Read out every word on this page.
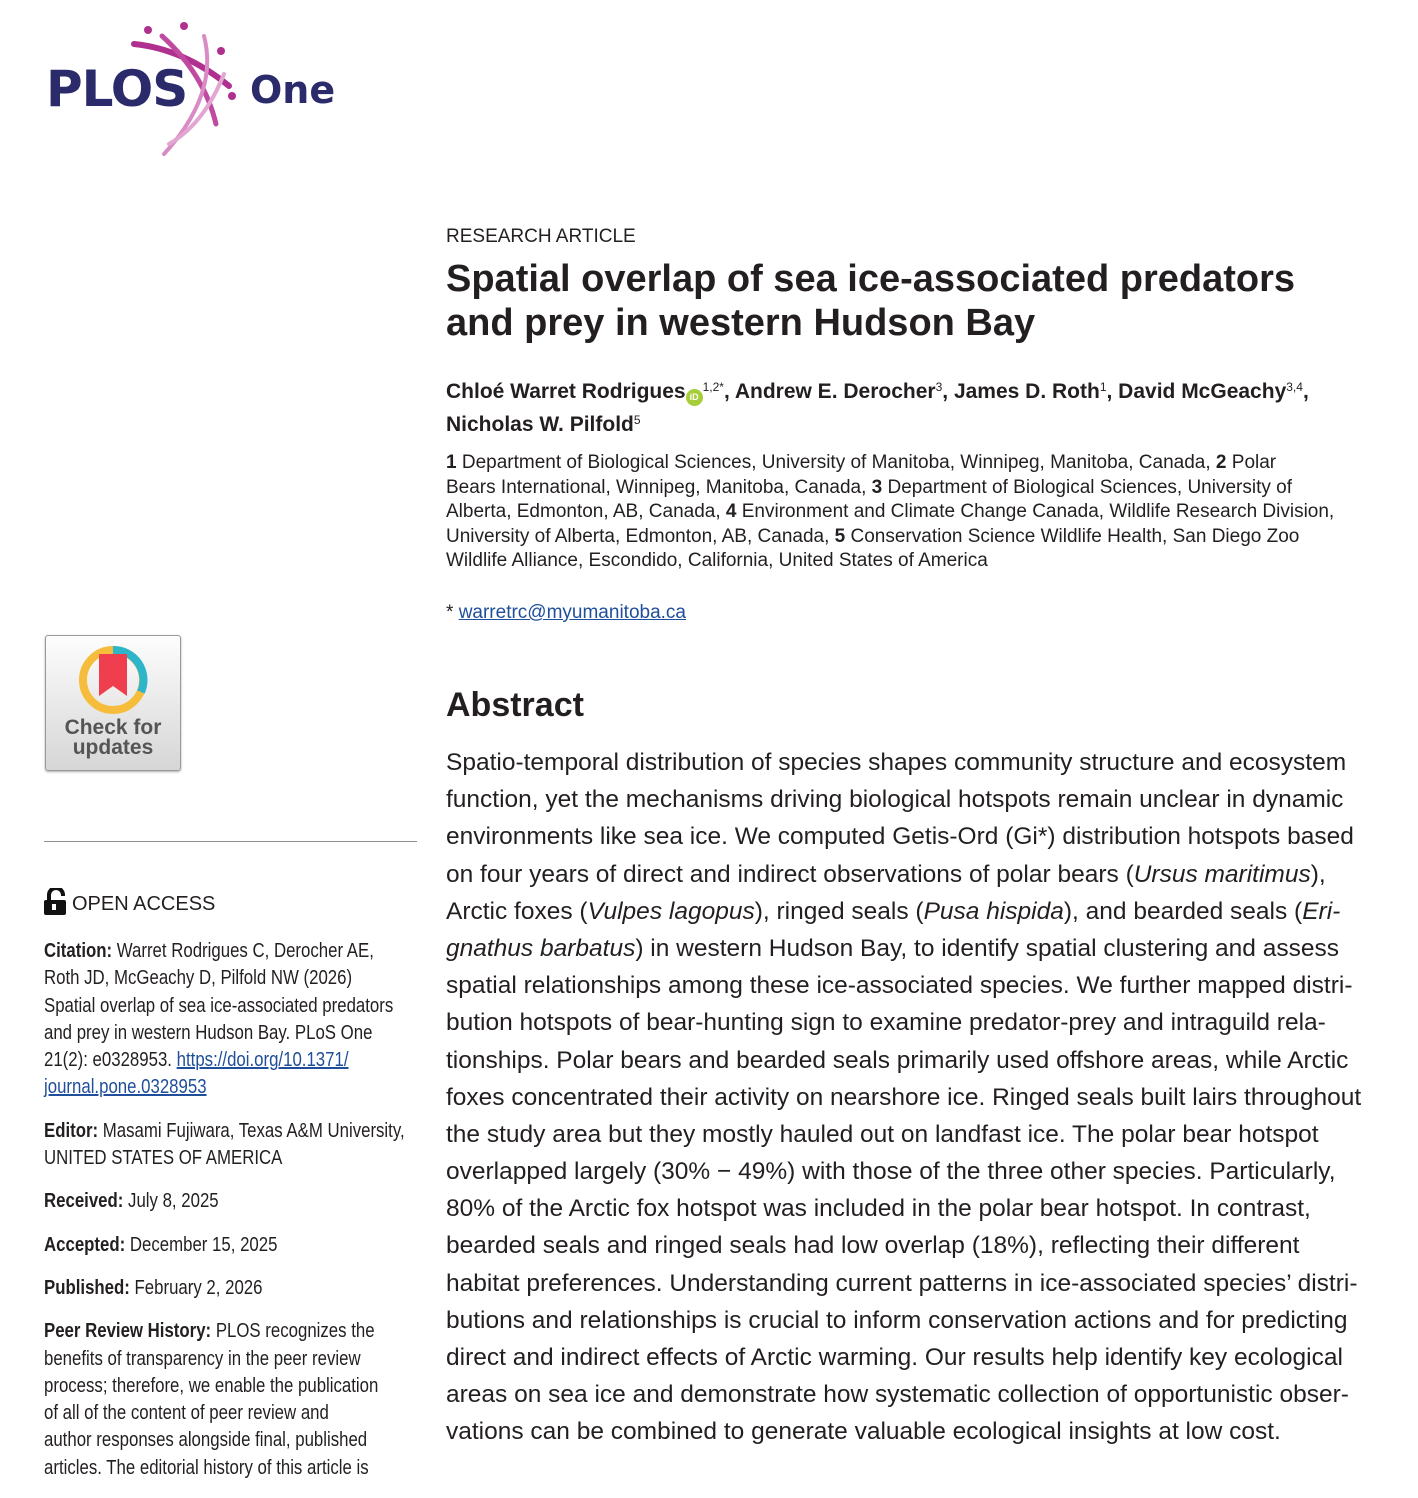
PLOS One
Check for
updates
OPEN ACCESS
Citation: Warret Rodrigues C, Derocher AE,
Roth JD, McGeachy D, Pilfold NW (2026)
Spatial overlap of sea ice-associated predators
and prey in western Hudson Bay. PLoS One
21(2): e0328953. https://doi.org/10.1371/
journal.pone.0328953
Editor: Masami Fujiwara, Texas A&M University,
UNITED STATES OF AMERICA
Received: July 8, 2025
Accepted: December 15, 2025
Published: February 2, 2026
Peer Review History: PLOS recognizes the
benefits of transparency in the peer review
process; therefore, we enable the publication
of all of the content of peer review and
author responses alongside final, published
articles. The editorial history of this article is
RESEARCH ARTICLE
Spatial overlap of sea ice-associated predators
and prey in western Hudson Bay
Chloé Warret Rodrigues $iD^{1,2*}$, Andrew E. Derocher$^3$, James D. Roth$^1$, David McGeachy$^{3,4}$,
Nicholas W. Pilfold$^5$
1 Department of Biological Sciences, University of Manitoba, Winnipeg, Manitoba, Canada, 2 Polar
Bears International, Winnipeg, Manitoba, Canada, 3 Department of Biological Sciences, University of
Alberta, Edmonton, AB, Canada, 4 Environment and Climate Change Canada, Wildlife Research Division,
University of Alberta, Edmonton, AB, Canada, 5 Conservation Science Wildlife Health, San Diego Zoo
Wildlife Alliance, Escondido, California, United States of America
* warretrc@myumanitoba.ca
Abstract
Spatio-temporal distribution of species shapes community structure and ecosystem
function, yet the mechanisms driving biological hotspots remain unclear in dynamic
environments like sea ice. We computed Getis-Ord (Gi*) distribution hotspots based
on four years of direct and indirect observations of polar bears (Ursus maritimus),
Arctic foxes (Vulpes lagopus), ringed seals (Pusa hispida), and bearded seals (Eri-
gnathus barbatus) in western Hudson Bay, to identify spatial clustering and assess
spatial relationships among these ice-associated species. We further mapped distri-
bution hotspots of bear-hunting sign to examine predator-prey and intraguild rela-
tionships. Polar bears and bearded seals primarily used offshore areas, while Arctic
foxes concentrated their activity on nearshore ice. Ringed seals built lairs throughout
the study area but they mostly hauled out on landfast ice. The polar bear hotspot
overlapped largely (30% − 49%) with those of the three other species. Particularly,
80% of the Arctic fox hotspot was included in the polar bear hotspot. In contrast,
bearded seals and ringed seals had low overlap (18%), reflecting their different
habitat preferences. Understanding current patterns in ice-associated species’ distri-
butions and relationships is crucial to inform conservation actions and for predicting
direct and indirect effects of Arctic warming. Our results help identify key ecological
areas on sea ice and demonstrate how systematic collection of opportunistic obser-
vations can be combined to generate valuable ecological insights at low cost.
